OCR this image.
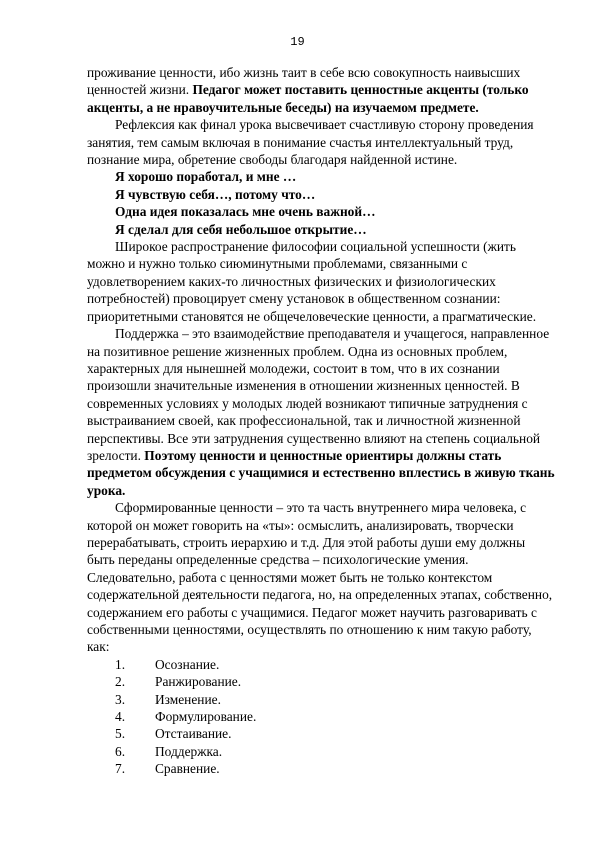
19

проживание ценности, ибо жизнь таит в себе всю совокупность наивысших ценностей жизни. Педагог может поставить ценностные акценты (только акценты, а не нравоучительные беседы) на изучаемом предмете.

Рефлексия как финал урока высвечивает счастливую сторону проведения занятия, тем самым включая в понимание счастья интеллектуальный труд, познание мира, обретение свободы благодаря найденной истине.

Я хорошо поработал, и мне …

Я чувствую себя…, потому что…

Одна идея показалась мне очень важной…

Я сделал для себя небольшое открытие…

Широкое распространение философии социальной успешности (жить можно и нужно только сиюминутными проблемами, связанными с удовлетворением каких-то личностных физических и физиологических потребностей) провоцирует смену установок в общественном сознании: приоритетными становятся не общечеловеческие ценности, а прагматические.

Поддержка – это взаимодействие преподавателя и учащегося, направленное на позитивное решение жизненных проблем. Одна из основных проблем, характерных для нынешней молодежи, состоит в том, что в их сознании произошли значительные изменения в отношении жизненных ценностей. В современных условиях у молодых людей возникают типичные затруднения с выстраиванием своей, как профессиональной, так и личностной жизненной перспективы. Все эти затруднения существенно влияют на степень социальной зрелости. Поэтому ценности и ценностные ориентиры должны стать предметом обсуждения с учащимися и естественно вплестись в живую ткань урока.

Сформированные ценности – это та часть внутреннего мира человека, с которой он может говорить на «ты»: осмыслить, анализировать, творчески перерабатывать, строить иерархию и т.д. Для этой работы души ему должны быть переданы определенные средства – психологические умения. Следовательно, работа с ценностями может быть не только контекстом содержательной деятельности педагога, но, на определенных этапах, собственно, содержанием его работы с учащимися. Педагог может научить разговаривать с собственными ценностями, осуществлять по отношению к ним такую работу, как:

1.	Осознание.
2.	Ранжирование.
3.	Изменение.
4.	Формулирование.
5.	Отстаивание.
6.	Поддержка.
7.	Сравнение.
